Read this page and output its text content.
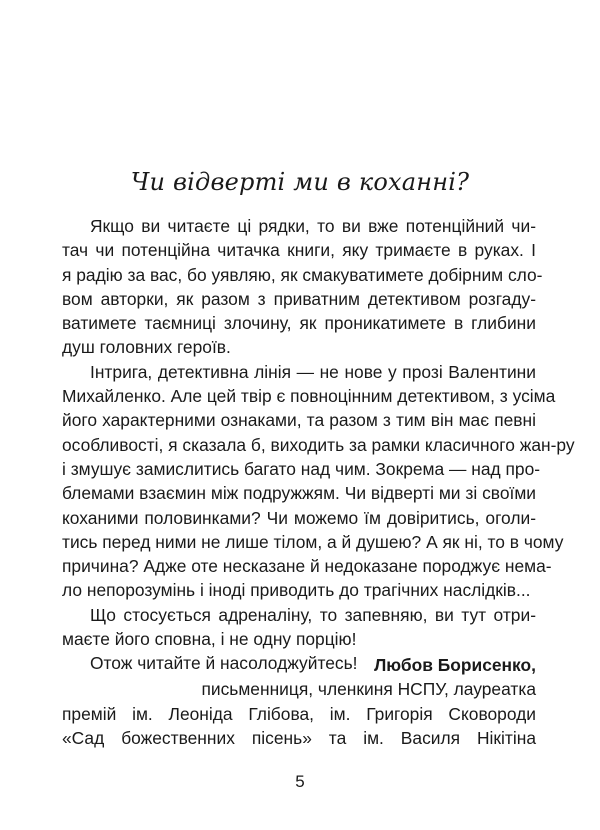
Чи відверті ми в коханні?
Якщо ви читаєте ці рядки, то ви вже потенційний чи-
тач чи потенційна читачка книги, яку тримаєте в руках. І
я радію за вас, бо уявляю, як смакуватимете добірним сло-
вом авторки, як разом з приватним детективом розгаду-
ватимете таємниці злочину, як проникатимете в глибини
душ головних героїв.
Інтрига, детективна лінія — не нове у прозі Валентини
Михайленко. Але цей твір є повноцінним детективом, з усіма
його характерними ознаками, та разом з тим він має певні
особливості, я сказала б, виходить за рамки класичного жан-ру
і змушує замислитись багато над чим. Зокрема — над про-
блемами взаємин між подружжям. Чи відверті ми зі своїми
коханими половинками? Чи можемо їм довіритись, оголи-
тись перед ними не лише тілом, а й душею? А як ні, то в чому
причина? Адже оте несказане й недоказане породжує нема-
ло непорозумінь і іноді приводить до трагічних наслідків...
Що стосується адреналіну, то запевняю, ви тут отри-
маєте його сповна, і не одну порцію!
Отож читайте й насолоджуйтесь! Любов Борисенко,
письменниця, членкиня НСПУ, лауреатка
премій ім. Леоніда Глібова, ім. Григорія Сковороди
«Сад божественних пісень» та ім. Василя Нікітіна
5
